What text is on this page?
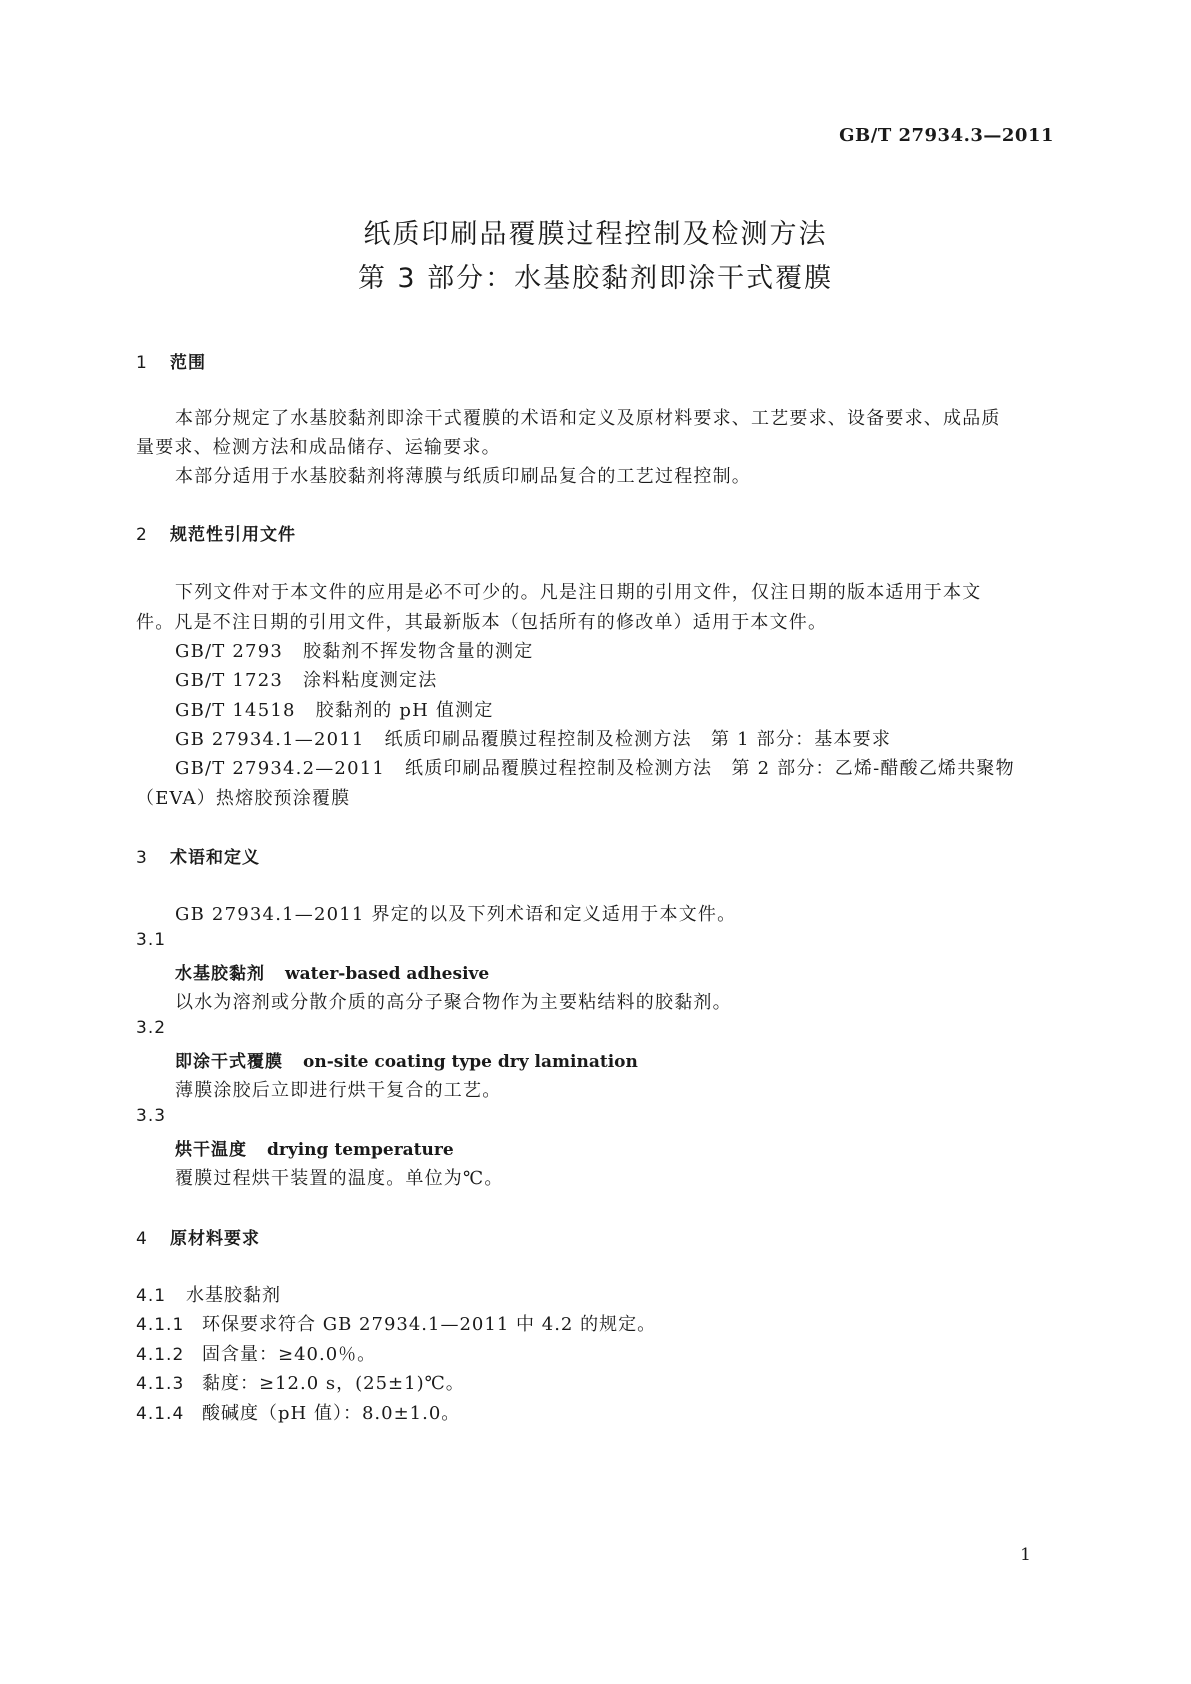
GB/T 27934.3—2011
纸质印刷品覆膜过程控制及检测方法
第 3 部分：水基胶黏剂即涂干式覆膜
1 范围
本部分规定了水基胶黏剂即涂干式覆膜的术语和定义及原材料要求、工艺要求、设备要求、成品质
量要求、检测方法和成品储存、运输要求。
本部分适用于水基胶黏剂将薄膜与纸质印刷品复合的工艺过程控制。
2 规范性引用文件
下列文件对于本文件的应用是必不可少的。凡是注日期的引用文件，仅注日期的版本适用于本文
件。凡是不注日期的引用文件，其最新版本（包括所有的修改单）适用于本文件。
GB/T 2793 胶黏剂不挥发物含量的测定
GB/T 1723 涂料粘度测定法
GB/T 14518 胶黏剂的 pH 值测定
GB 27934.1—2011 纸质印刷品覆膜过程控制及检测方法　第 1 部分：基本要求
GB/T 27934.2—2011 纸质印刷品覆膜过程控制及检测方法　第 2 部分：乙烯-醋酸乙烯共聚物
（EVA）热熔胶预涂覆膜
3 术语和定义
GB 27934.1—2011 界定的以及下列术语和定义适用于本文件。
3.1
水基胶黏剂 water-based adhesive
以水为溶剂或分散介质的高分子聚合物作为主要粘结料的胶黏剂。
3.2
即涂干式覆膜 on-site coating type dry lamination
薄膜涂胶后立即进行烘干复合的工艺。
3.3
烘干温度 drying temperature
覆膜过程烘干装置的温度。单位为℃。
4 原材料要求
4.1 水基胶黏剂
4.1.1 环保要求符合 GB 27934.1—2011 中 4.2 的规定。
4.1.2 固含量：≥40.0％。
4.1.3 黏度：≥12.0 s，(25±1)℃。
4.1.4 酸碱度（pH 值）：8.0±1.0。
1
